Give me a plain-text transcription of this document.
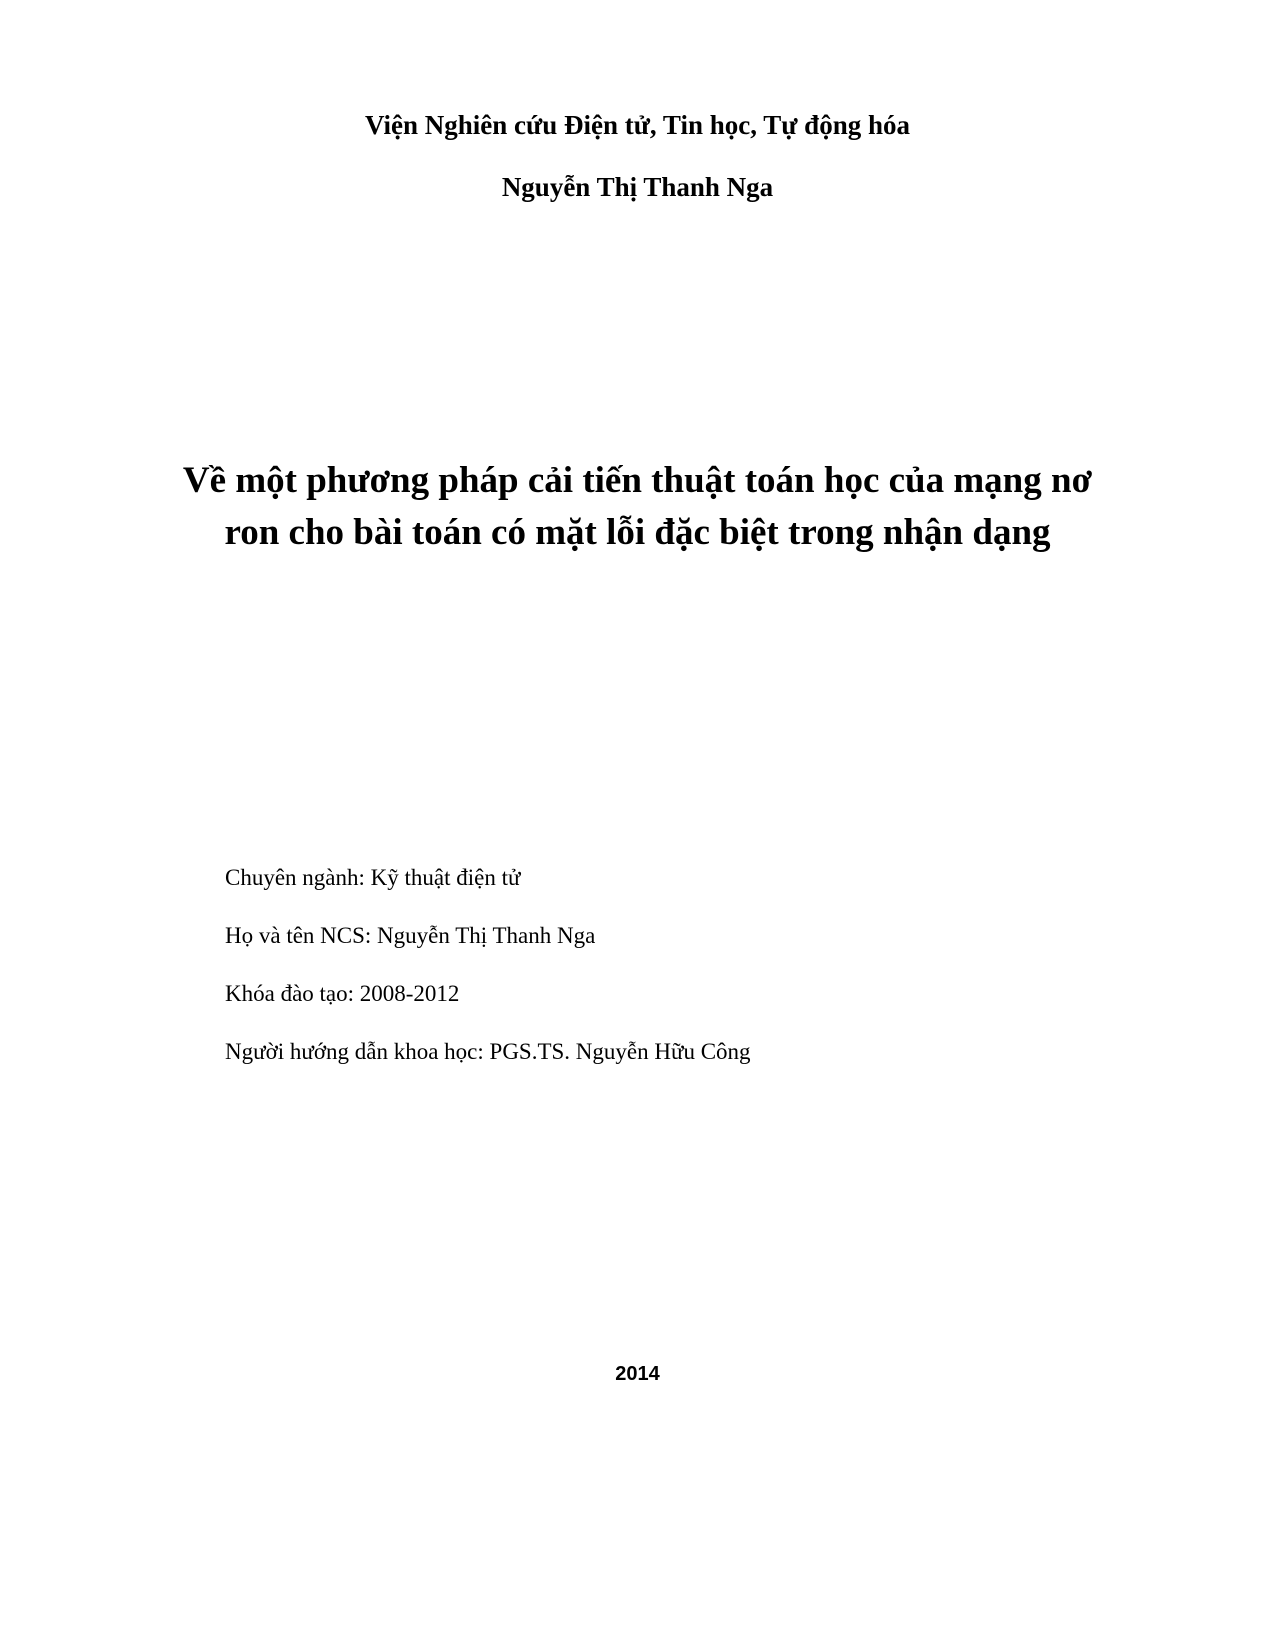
Viện Nghiên cứu Điện tử, Tin học, Tự động hóa
Nguyễn Thị Thanh Nga
Về một phương pháp cải tiến thuật toán học của mạng nơ
ron cho bài toán có mặt lỗi đặc biệt trong nhận dạng
Chuyên ngành: Kỹ thuật điện tử
Họ và tên NCS: Nguyễn Thị Thanh Nga
Khóa đào tạo: 2008-2012
Người hướng dẫn khoa học: PGS.TS. Nguyễn Hữu Công
2014
